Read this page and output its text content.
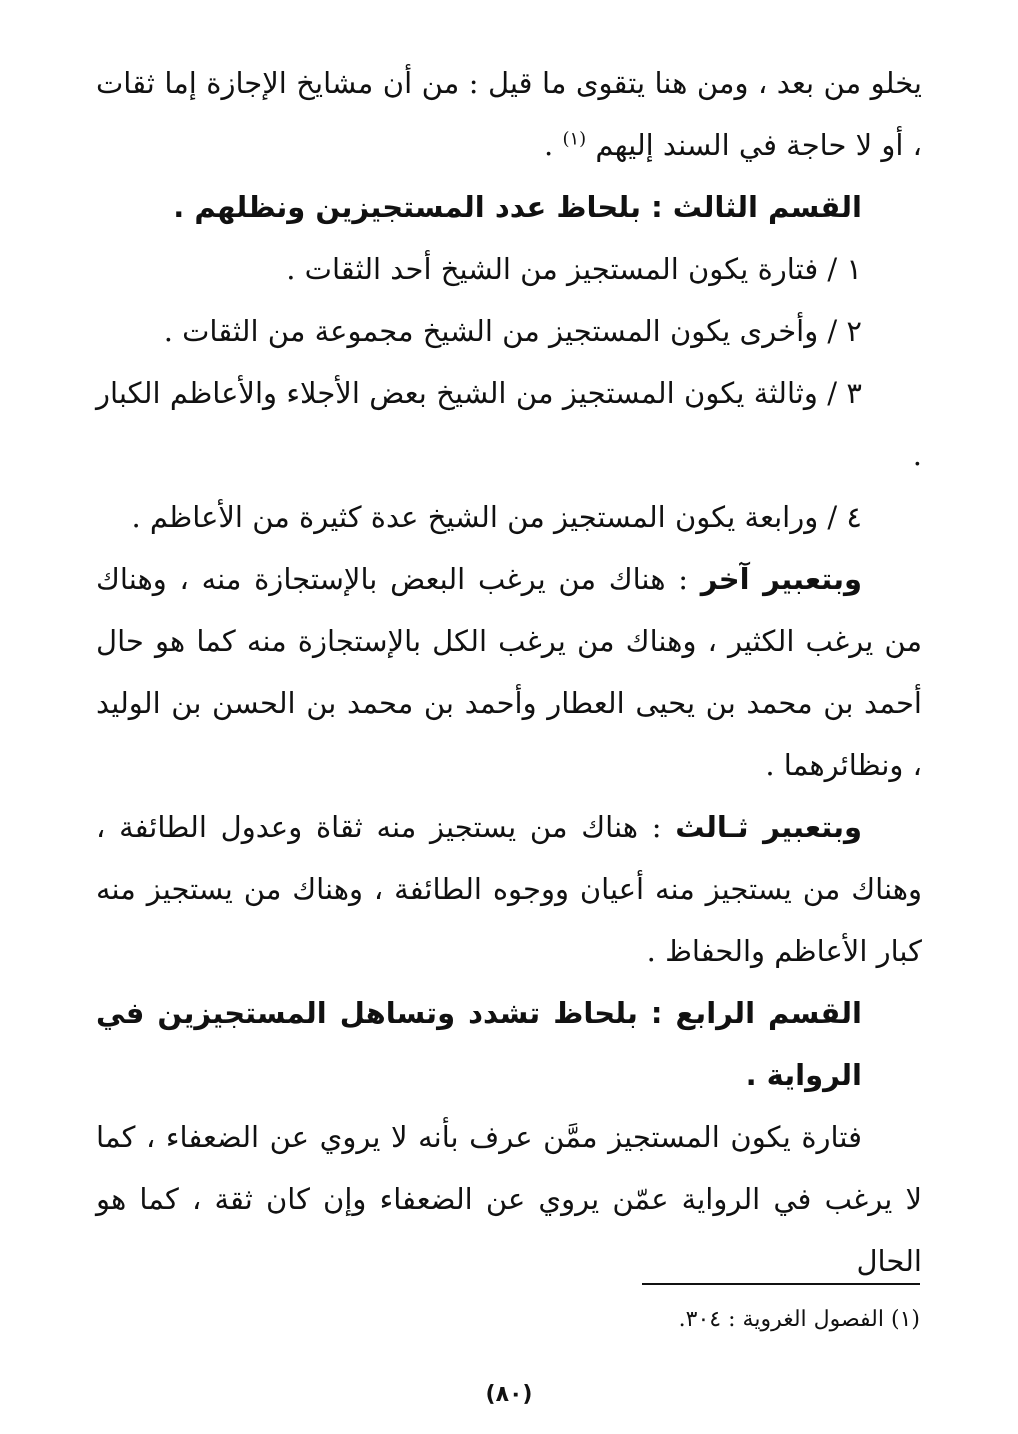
يخلو من بعد ، ومن هنا يتقوى ما قيل : من أن مشايخ الإجازة إما ثقات ، أو لا حاجة في السند إليهم $^{(١)}$ .

القسم الثالث : بلحاظ عدد المستجيزين ونظلهم .

١ / فتارة يكون المستجيز من الشيخ أحد الثقات .

٢ / وأخرى يكون المستجيز من الشيخ مجموعة من الثقات .

٣ / وثالثة يكون المستجيز من الشيخ بعض الأجلاء والأعاظم الكبار .

٤ / ورابعة يكون المستجيز من الشيخ عدة كثيرة من الأعاظم .

وبتعبير آخر : هناك من يرغب البعض بالإستجازة منه ، وهناك من يرغب الكثير ، وهناك من يرغب الكل بالإستجازة منه كما هو حال أحمد بن محمد بن يحيى العطار وأحمد بن محمد بن الحسن بن الوليد ، ونظائرهما .

وبتعبير ثـالث : هناك من يستجيز منه ثقاة وعدول الطائفة ، وهناك من يستجيز منه أعيان ووجوه الطائفة ، وهناك من يستجيز منه كبار الأعاظم والحفاظ .

القسم الرابع : بلحاظ تشدد وتساهل المستجيزين في الرواية .

فتارة يكون المستجيز ممَّن عرف بأنه لا يروي عن الضعفاء ، كما لا يرغب في الرواية عمّن يروي عن الضعفاء وإن كان ثقة ، كما هو الحال

(١) الفصول الغروية : ٣٠٤.
(٨٠)
